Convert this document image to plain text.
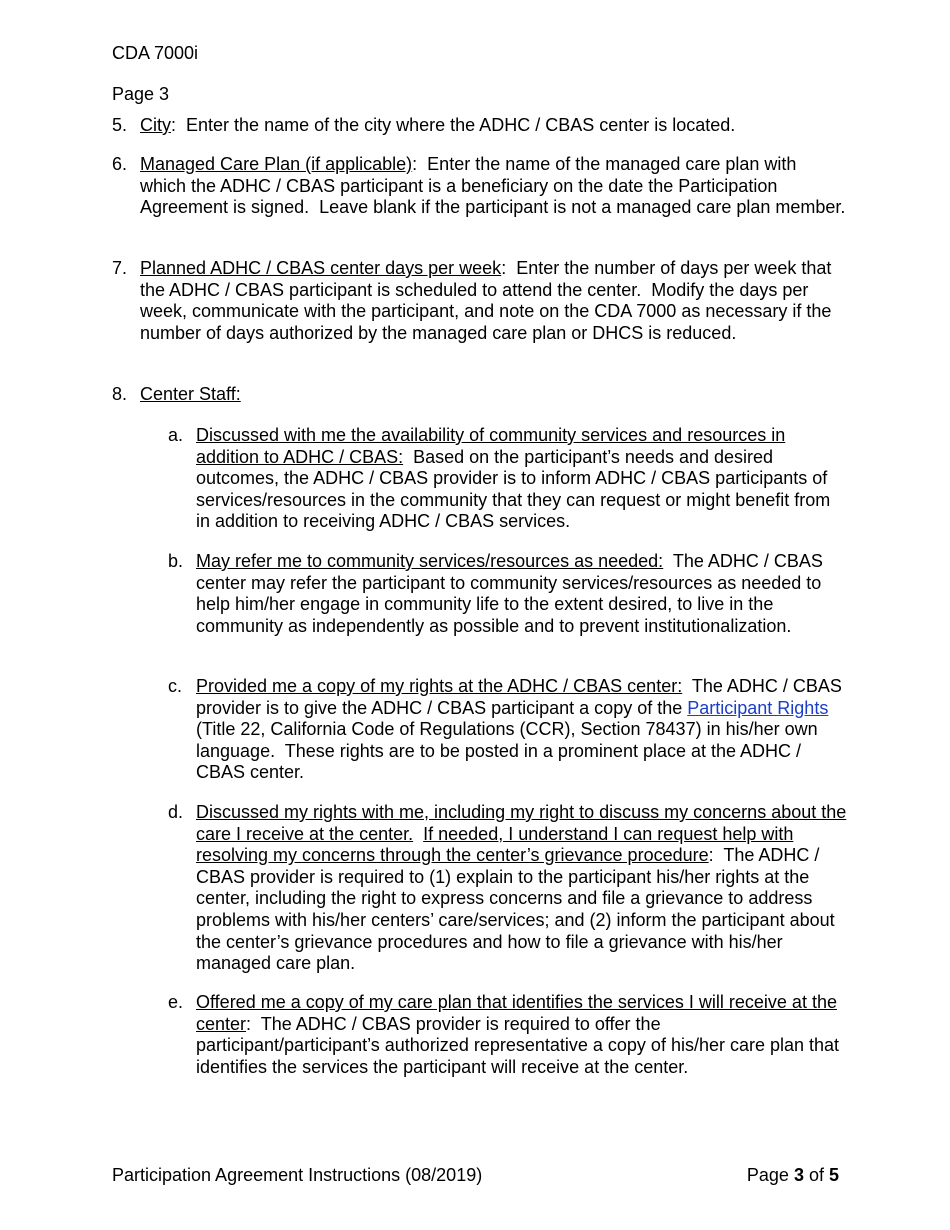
CDA 7000i
Page 3
5. City:  Enter the name of the city where the ADHC / CBAS center is located.
6. Managed Care Plan (if applicable):  Enter the name of the managed care plan with which the ADHC / CBAS participant is a beneficiary on the date the Participation Agreement is signed.  Leave blank if the participant is not a managed care plan member.
7. Planned ADHC / CBAS center days per week:  Enter the number of days per week that the ADHC / CBAS participant is scheduled to attend the center.  Modify the days per week, communicate with the participant, and note on the CDA 7000 as necessary if the number of days authorized by the managed care plan or DHCS is reduced.
8. Center Staff:
a. Discussed with me the availability of community services and resources in addition to ADHC / CBAS:  Based on the participant’s needs and desired outcomes, the ADHC / CBAS provider is to inform ADHC / CBAS participants of services/resources in the community that they can request or might benefit from in addition to receiving ADHC / CBAS services.
b. May refer me to community services/resources as needed:  The ADHC / CBAS center may refer the participant to community services/resources as needed to help him/her engage in community life to the extent desired, to live in the community as independently as possible and to prevent institutionalization.
c. Provided me a copy of my rights at the ADHC / CBAS center:  The ADHC / CBAS provider is to give the ADHC / CBAS participant a copy of the Participant Rights (Title 22, California Code of Regulations (CCR), Section 78437) in his/her own language.  These rights are to be posted in a prominent place at the ADHC / CBAS center.
d. Discussed my rights with me, including my right to discuss my concerns about the care I receive at the center. If needed, I understand I can request help with resolving my concerns through the center’s grievance procedure:  The ADHC / CBAS provider is required to (1) explain to the participant his/her rights at the center, including the right to express concerns and file a grievance to address problems with his/her centers’ care/services; and (2) inform the participant about the center’s grievance procedures and how to file a grievance with his/her managed care plan.
e. Offered me a copy of my care plan that identifies the services I will receive at the center:  The ADHC / CBAS provider is required to offer the participant/participant’s authorized representative a copy of his/her care plan that identifies the services the participant will receive at the center.
Participation Agreement Instructions (08/2019)	Page 3 of 5
